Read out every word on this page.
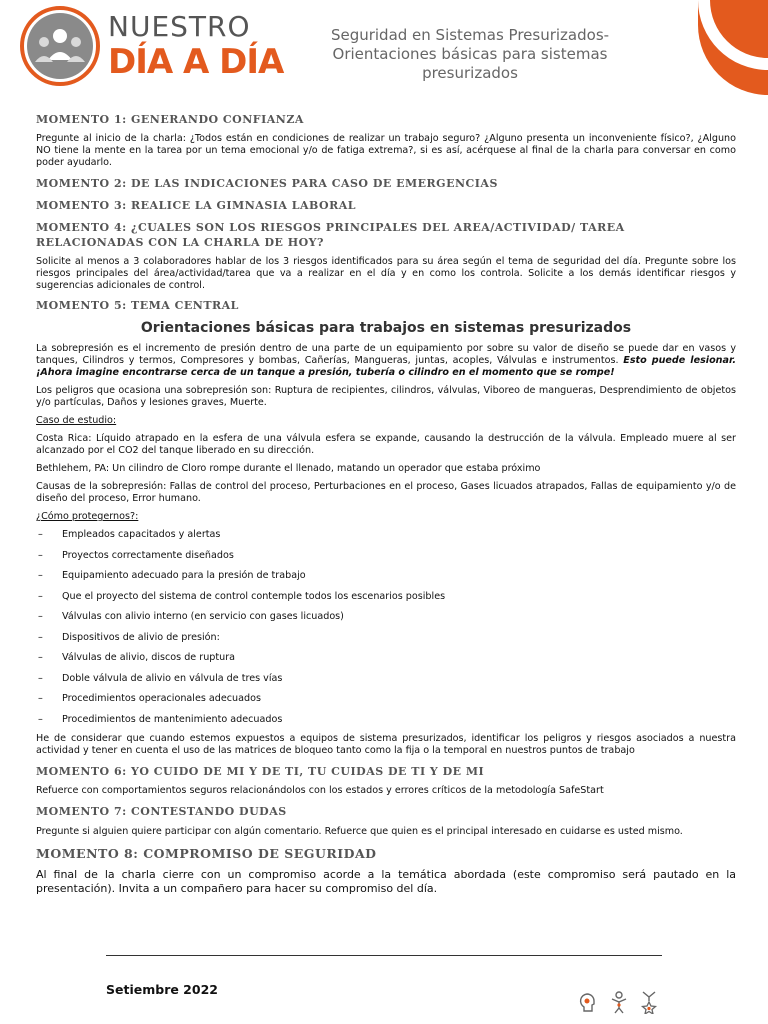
NUESTRO
DÍA A DÍA
Seguridad en Sistemas Presurizados-
Orientaciones básicas para sistemas
presurizados
MOMENTO 1: GENERANDO CONFIANZA

Pregunte al inicio de la charla: ¿Todos están en condiciones de realizar un trabajo seguro? ¿Alguno presenta un inconveniente físico?, ¿Alguno NO tiene la mente en la tarea por un tema emocional y/o de fatiga extrema?, si es así, acérquese al final de la charla para conversar en como poder ayudarlo.

MOMENTO 2: DE LAS INDICACIONES PARA CASO DE EMERGENCIAS
MOMENTO 3: REALICE LA GIMNASIA LABORAL
MOMENTO 4: ¿CUALES SON LOS RIESGOS PRINCIPALES DEL AREA/ACTIVIDAD/ TAREA RELACIONADAS CON LA CHARLA DE HOY?

Solicite al menos a 3 colaboradores hablar de los 3 riesgos identificados para su área según el tema de seguridad del día. Pregunte sobre los riesgos principales del área/actividad/tarea que va a realizar en el día y en como los controla. Solicite a los demás identificar riesgos y sugerencias adicionales de control.

MOMENTO 5: TEMA CENTRAL
Orientaciones básicas para trabajos en sistemas presurizados

La sobrepresión es el incremento de presión dentro de una parte de un equipamiento por sobre su valor de diseño se puede dar en vasos y tanques, Cilindros y termos, Compresores y bombas, Cañerías, Mangueras, juntas, acoples, Válvulas e instrumentos. Esto puede lesionar. ¡Ahora imagine encontrarse cerca de un tanque a presión, tubería o cilindro en el momento que se rompe!

Los peligros que ocasiona una sobrepresión son: Ruptura de recipientes, cilindros, válvulas, Viboreo de mangueras, Desprendimiento de objetos y/o partículas, Daños y lesiones graves, Muerte.

Caso de estudio:

Costa Rica: Líquido atrapado en la esfera de una válvula esfera se expande, causando la destrucción de la válvula. Empleado muere al ser alcanzado por el CO2 del tanque liberado en su dirección.

Bethlehem, PA: Un cilindro de Cloro rompe durante el llenado, matando un operador que estaba próximo

Causas de la sobrepresión: Fallas de control del proceso, Perturbaciones en el proceso, Gases licuados atrapados, Fallas de equipamiento y/o de diseño del proceso, Error humano.

¿Cómo protegernos?:

– Empleados capacitados y alertas
– Proyectos correctamente diseñados
– Equipamiento adecuado para la presión de trabajo
– Que el proyecto del sistema de control contemple todos los escenarios posibles
– Válvulas con alivio interno (en servicio con gases licuados)
– Dispositivos de alivio de presión:
– Válvulas de alivio, discos de ruptura
– Doble válvula de alivio en válvula de tres vías
– Procedimientos operacionales adecuados
– Procedimientos de mantenimiento adecuados

He de considerar que cuando estemos expuestos a equipos de sistema presurizados, identificar los peligros y riesgos asociados a nuestra actividad y tener en cuenta el uso de las matrices de bloqueo tanto como la fija o la temporal en nuestros puntos de trabajo

MOMENTO 6: YO CUIDO DE MI Y DE TI, TU CUIDAS DE TI Y DE MI

Refuerce con comportamientos seguros relacionándolos con los estados y errores críticos de la metodología SafeStart

MOMENTO 7: CONTESTANDO DUDAS

Pregunte si alguien quiere participar con algún comentario. Refuerce que quien es el principal interesado en cuidarse es usted mismo.

MOMENTO 8: COMPROMISO DE SEGURIDAD

Al final de la charla cierre con un compromiso acorde a la temática abordada (este compromiso será pautado en la presentación). Invita a un compañero para hacer su compromiso del día.

Setiembre 2022
